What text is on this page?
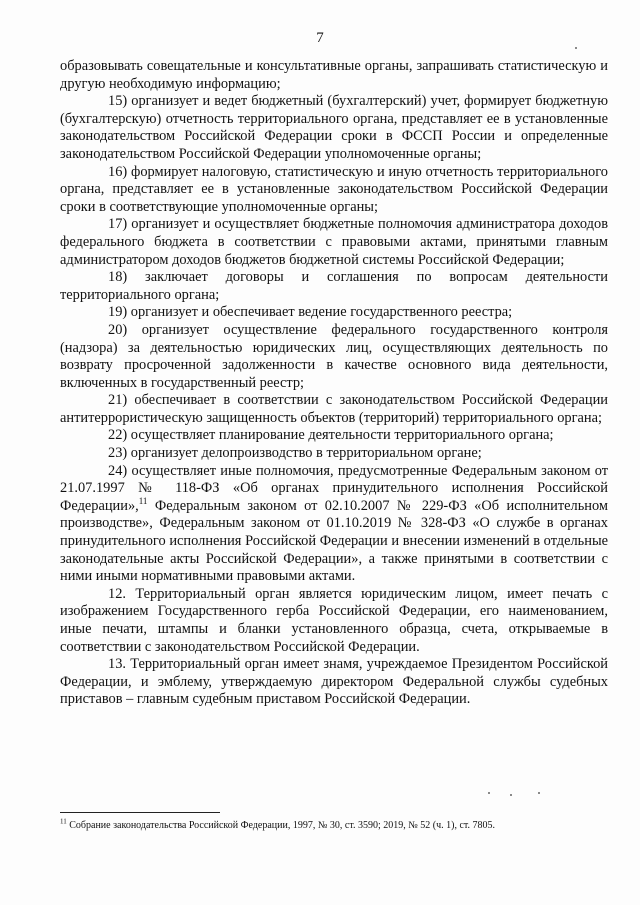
7

образовывать совещательные и консультативные органы, запрашивать статистическую и другую необходимую информацию;

15) организует и ведет бюджетный (бухгалтерский) учет, формирует бюджетную (бухгалтерскую) отчетность территориального органа, представляет ее в установленные законодательством Российской Федерации сроки в ФССП России и определенные законодательством Российской Федерации уполномоченные органы;

16) формирует налоговую, статистическую и иную отчетность территориального органа, представляет ее в установленные законодательством Российской Федерации сроки в соответствующие уполномоченные органы;

17) организует и осуществляет бюджетные полномочия администратора доходов федерального бюджета в соответствии с правовыми актами, принятыми главным администратором доходов бюджетов бюджетной системы Российской Федерации;

18) заключает договоры и соглашения по вопросам деятельности территориального органа;

19) организует и обеспечивает ведение государственного реестра;

20) организует осуществление федерального государственного контроля (надзора) за деятельностью юридических лиц, осуществляющих деятельность по возврату просроченной задолженности в качестве основного вида деятельности, включенных в государственный реестр;

21) обеспечивает в соответствии с законодательством Российской Федерации антитеррористическую защищенность объектов (территорий) территориального органа;

22) осуществляет планирование деятельности территориального органа;

23) организует делопроизводство в территориальном органе;

24) осуществляет иные полномочия, предусмотренные Федеральным законом от 21.07.1997 № 118-ФЗ «Об органах принудительного исполнения Российской Федерации»,$^{11}$ Федеральным законом от 02.10.2007 № 229-ФЗ «Об исполнительном производстве», Федеральным законом от 01.10.2019 № 328-ФЗ «О службе в органах принудительного исполнения Российской Федерации и внесении изменений в отдельные законодательные акты Российской Федерации», а также принятыми в соответствии с ними иными нормативными правовыми актами.

12. Территориальный орган является юридическим лицом, имеет печать с изображением Государственного герба Российской Федерации, его наименованием, иные печати, штампы и бланки установленного образца, счета, открываемые в соответствии с законодательством Российской Федерации.

13. Территориальный орган имеет знамя, учреждаемое Президентом Российской Федерации, и эмблему, утверждаемую директором Федеральной службы судебных приставов – главным судебным приставом Российской Федерации.

$^{11}$ Собрание законодательства Российской Федерации, 1997, № 30, ст. 3590; 2019, № 52 (ч. 1), ст. 7805.
